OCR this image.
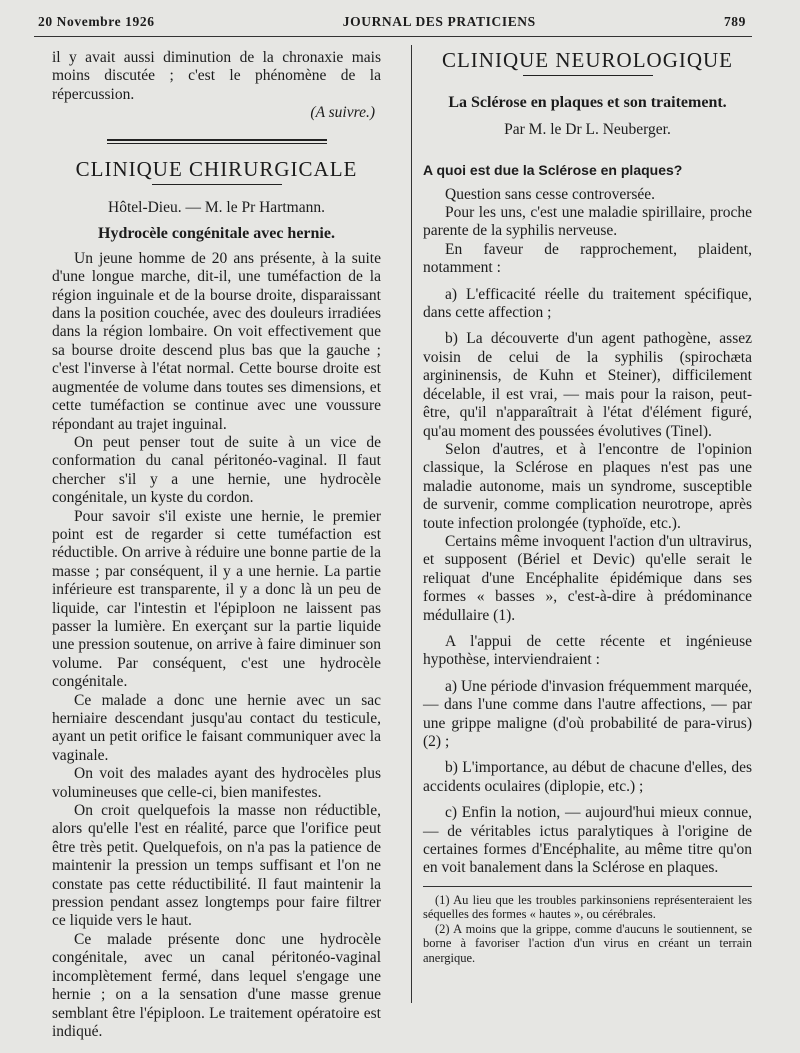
20 Novembre 1926	JOURNAL DES PRATICIENS	789

il y avait aussi diminution de la chronaxie mais moins discutée ; c'est le phénomène de la répercussion.

(A suivre.)
CLINIQUE CHIRURGICALE
Hôtel-Dieu. — M. le Pr Hartmann.
Hydrocèle congénitale avec hernie.

Un jeune homme de 20 ans présente, à la suite d'une longue marche, dit-il, une tuméfaction de la région inguinale et de la bourse droite, disparaissant dans la position couchée, avec des douleurs irradiées dans la région lombaire. On voit effectivement que sa bourse droite descend plus bas que la gauche ; c'est l'inverse à l'état normal. Cette bourse droite est augmentée de volume dans toutes ses dimensions, et cette tuméfaction se continue avec une voussure répondant au trajet inguinal.

On peut penser tout de suite à un vice de conformation du canal péritonéo-vaginal. Il faut chercher s'il y a une hernie, une hydrocèle congénitale, un kyste du cordon.

Pour savoir s'il existe une hernie, le premier point est de regarder si cette tuméfaction est réductible. On arrive à réduire une bonne partie de la masse ; par conséquent, il y a une hernie. La partie inférieure est transparente, il y a donc là un peu de liquide, car l'intestin et l'épiploon ne laissent pas passer la lumière. En exerçant sur la partie liquide une pression soutenue, on arrive à faire diminuer son volume. Par conséquent, c'est une hydrocèle congénitale.

Ce malade a donc une hernie avec un sac herniaire descendant jusqu'au contact du testicule, ayant un petit orifice le faisant communiquer avec la vaginale.

On voit des malades ayant des hydrocèles plus volumineuses que celle-ci, bien manifestes.

On croit quelquefois la masse non réductible, alors qu'elle l'est en réalité, parce que l'orifice peut être très petit. Quelquefois, on n'a pas la patience de maintenir la pression un temps suffisant et l'on ne constate pas cette réductibilité. Il faut maintenir la pression pendant assez longtemps pour faire filtrer ce liquide vers le haut.

Ce malade présente donc une hydrocèle congénitale, avec un canal péritonéo-vaginal incomplètement fermé, dans lequel s'engage une hernie ; on a la sensation d'une masse grenue semblant être l'épiploon. Le traitement opératoire est indiqué.

CLINIQUE NEUROLOGIQUE
La Sclérose en plaques et son traitement.
Par M. le Dr L. Neuberger.
A quoi est due la Sclérose en plaques?

Question sans cesse controversée.

Pour les uns, c'est une maladie spirillaire, proche parente de la syphilis nerveuse.

En faveur de rapprochement, plaident, notamment :

a) L'efficacité réelle du traitement spécifique, dans cette affection ;

b) La découverte d'un agent pathogène, assez voisin de celui de la syphilis (spirochæta argininensis, de Kuhn et Steiner), difficilement décelable, il est vrai, — mais pour la raison, peut-être, qu'il n'apparaîtrait à l'état d'élément figuré, qu'au moment des poussées évolutives (Tinel).

Selon d'autres, et à l'encontre de l'opinion classique, la Sclérose en plaques n'est pas une maladie autonome, mais un syndrome, susceptible de survenir, comme complication neurotrope, après toute infection prolongée (typhoïde, etc.).

Certains même invoquent l'action d'un ultravirus, et supposent (Bériel et Devic) qu'elle serait le reliquat d'une Encéphalite épidémique dans ses formes « basses », c'est-à-dire à prédominance médullaire (1).

A l'appui de cette récente et ingénieuse hypothèse, interviendraient :

a) Une période d'invasion fréquemment marquée, — dans l'une comme dans l'autre affections, — par une grippe maligne (d'où probabilité de para-virus) (2) ;

b) L'importance, au début de chacune d'elles, des accidents oculaires (diplopie, etc.) ;

c) Enfin la notion, — aujourd'hui mieux connue, — de véritables ictus paralytiques à l'origine de certaines formes d'Encéphalite, au même titre qu'on en voit banalement dans la Sclérose en plaques.

(1) Au lieu que les troubles parkinsoniens représenteraient les séquelles des formes « hautes », ou cérébrales.

(2) A moins que la grippe, comme d'aucuns le soutiennent, se borne à favoriser l'action d'un virus en créant un terrain anergique.
